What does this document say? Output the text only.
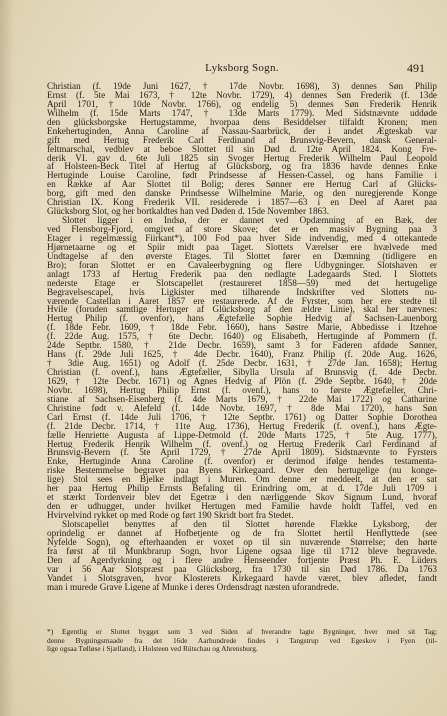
Lyksborg Sogn.	491
Christian (f. 19de Juni 1627, † 17de Novbr. 1698), 3) dennes Søn Philip
Ernst (f. 5te Mai 1673, † 12te Novbr. 1729), 4) dennes Søn Frederik (f. 13de
April 1701, † 10de Novbr. 1766), og endelig 5) dennes Søn Frederik Henrik
Wilhelm (f. 15de Marts 1747, † 13de Marts 1779). Med Sidstnævnte uddøde
den glücksborgske Hertugstamme, hvorpaa dens Besiddelser tilfaldt Kronen; men
Enkehertuginden, Anna Caroline af Nassau-Saarbrück, der i andet Ægteskab var
gift med Hertug Frederik Carl Ferdinand af Brunsvig-Bevern, dansk General-
feltmarschal, vedblev at beboe Slottet til sin Død d. 12te April 1824. Kong Fre-
derik VI. gav d. 6te Juli 1825 sin Svoger Hertug Frederik Wilhelm Paul Leopold
af Holsteen-Beck Titel af Hertug af Glücksborg, og fra 1836 havde dennes Enke
Hertuginde Louise Caroline, født Prindsesse af Hessen-Cassel, og hans Familie i
en Række af Aar Slottet til Bolig; deres Sønner ere Hertug Carl af Glücks-
borg, gift med den danske Prindsesse Wilhelmine Marie, og den nuregjerende Konge
Christian IX. Kong Frederik VII. residerede i 1857—63 i en Deel af Aaret paa
Glücksborg Slot, og her bortkaldtes han ved Døden d. 15de November 1863.
Slottet ligger i en Indsø, der er dannet ved Opdæmning af en Bæk, der
ved Flensborg-Fjord, omgivet af store Skove; det er en massiv Bygning paa 3
Etager i regelmæssig Fiirkant*), 100 Fod paa hver Side indvendig, med 4 ottekantede
Hjørnetaarne og et Spiir midt paa Taget. Slottets Værelser ere hvælvede med
Undtagelse af den øverste Etages. Til Slottet fører en Dæmning (tidligere en
Bro); foran Slottet er en Cavaleerbygning og flere Udbygninger. Slotshaven er
anlagt 1733 af Hertug Frederik paa den nedlagte Ladegaards Sted. I Slottets
nederste Etage er Slotscapellet (restaureret 1858—59) med det hertugelige
Begravelsescapel, hvis Ligkister med tilhørende Indskrifter ved Slottets nu-
værende Castellan i Aaret 1857 ere restaurerede. Af de Fyrster, som her ere stedte til
Hvile (foruden samtlige Hertuger af Glücksborg af den ældre Linie), skal her nævnes:
Hertug Philip (f. ovenfor), hans Ægtefælle Sophie Hedvig af Sachsen-Lauenborg
(f. 18de Febr. 1609, † 18de Febr. 1660), hans Søstre Marie, Abbedisse i Itzehoe
(f. 22de Aug. 1575, † 6te Decbr. 1640) og Elisabeth, Hertuginde af Pommern (f.
24de Septbr. 1580, † 21de Decbr. 1659), samt 3 for Faderen afdøde Sønner,
Hans (f. 29de Juli 1625, † 4de Decbr. 1640), Franz Philip (f. 20de Aug. 1626,
† 3die Aug. 1651) og Adolf (f. 25de Decbr. 1631, † 27de Jan. 1658); Hertug
Christian (f. ovenf.), hans Ægtefæller, Sibylla Ursula af Brunsvig (f. 4de Decbr.
1629, † 12te Decbr. 1671) og Agnes Hedvig af Plön (f. 29de Septbr. 1640, † 20de
Novbr. 1698), Hertug Philip Ernst (f. ovenf.), hans to første Ægtefæller, Chri-
stiane af Sachsen-Eisenberg (f. 4de Marts 1679, † 22de Mai 1722) og Catharine
Christine født v. Alefeld (f. 14de Novbr. 1697, † 8de Mai 1720), hans Søn
Carl Ernst (f. 14de Juli 1706, † 12te Septbr. 1761) og Datter Sophie Dorothea
(f. 21de Decbr. 1714, † 11te Aug. 1736), Hertug Frederik (f. ovenf.), hans Ægte-
fælle Henriette Augusta af Lippe-Detmold (f. 20de Marts 1725, † 5te Aug. 1777),
Hertug Frederik Henrik Wilhelm (f. ovenf.) og Hertug Frederik Carl Ferdinand af
Brunsvig-Bevern (f. 5te April 1729, † 27de April 1809). Sidstnævnte to Fyrsters
Enke, Hertuginde Anna Caroline (f. ovenfor) er derimod ifølge hendes testamenta-
riske Bestemmelse begravet paa Byens Kirkegaard. Over den hertugelige (nu konge-
lige) Stol sees en Bjelke indlagt i Muren. Om denne er meddeelt, at den er sat
her paa Hertug Philip Ernsts Befaling til Erindring om, at d. 17de Juli 1709 i
et stærkt Tordenveir blev det Egetræ i den nærliggende Skov Signum Lund, hvoraf
den er udhugget, under hvilket Hertugen med Familie havde holdt Taffel, ved en
Hvirvelvind rykket op med Rode og ført 190 Skridt bort fra Stedet.
Slotscapellet benyttes af den til Slottet hørende Flække Lyksborg, der
oprindelig er dannet af Hofbetjente og de fra Slottet hertil Henflyttede (see
Nyfelde Sogn), og efterhaanden er voxet op til sin nuværende Størrelse; den hørte
fra først af til Munkbrarup Sogn, hvor Ligene ogsaa lige til 1712 bleve begravede.
Den af Agerdyrkning og i flere andre Henseender fortjente Præst Ph. E. Lüders
var i 56 Aar Slotspræst paa Glücksborg, fra 1730 til sin Død 1786. Da 1763
Vandet i Slotsgraven, hvor Klosterets Kirkegaard havde været, blev afledet, fandt
man i murede Grave Ligene af Munke i deres Ordensdragt næsten uforandrede.
*) Egentlig er Slottet bygget som 3 ved Siden af hverandre lagte Bygninger, hver med sit Tag;
denne Bygningsmaade fra det 16de Aarhundrede findes i Tangstrup ved Egeskov i Fyen (til-
lige ogsaa Tølløse i Sjælland), i Holsteen ved Rütschau og Ahrensburg.
